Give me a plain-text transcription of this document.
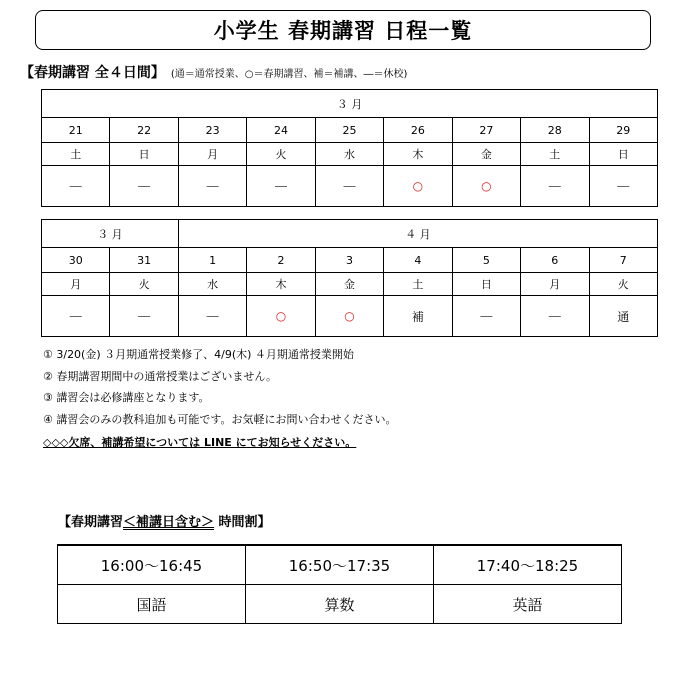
小学生 春期講習 日程一覧
【春期講習 全４日間】 (通＝通常授業、○＝春期講習、補＝補講、―＝休校)
３ 月								
21	22	23	24	25	26	27	28	29
土	日	月	火	水	木	金	土	日
―	―	―	―	―	○	○	―	―
３ 月		４ 月						
30	31	1	2	3	4	5	6	7
月	火	水	木	金	土	日	月	火
―	―	―	○	○	補	―	―	通
① 3/20(金) ３月期通常授業修了、4/9(木) ４月期通常授業開始
② 春期講習期間中の通常授業はございません。
③ 講習会は必修講座となります。
④ 講習会のみの教科追加も可能です。お気軽にお問い合わせください。
◇◇◇欠席、補講希望については LINE にてお知らせください。
【春期講習＜補講日含む＞ 時間割】
16:00～16:45	16:50～17:35	17:40～18:25
国語	算数	英語
